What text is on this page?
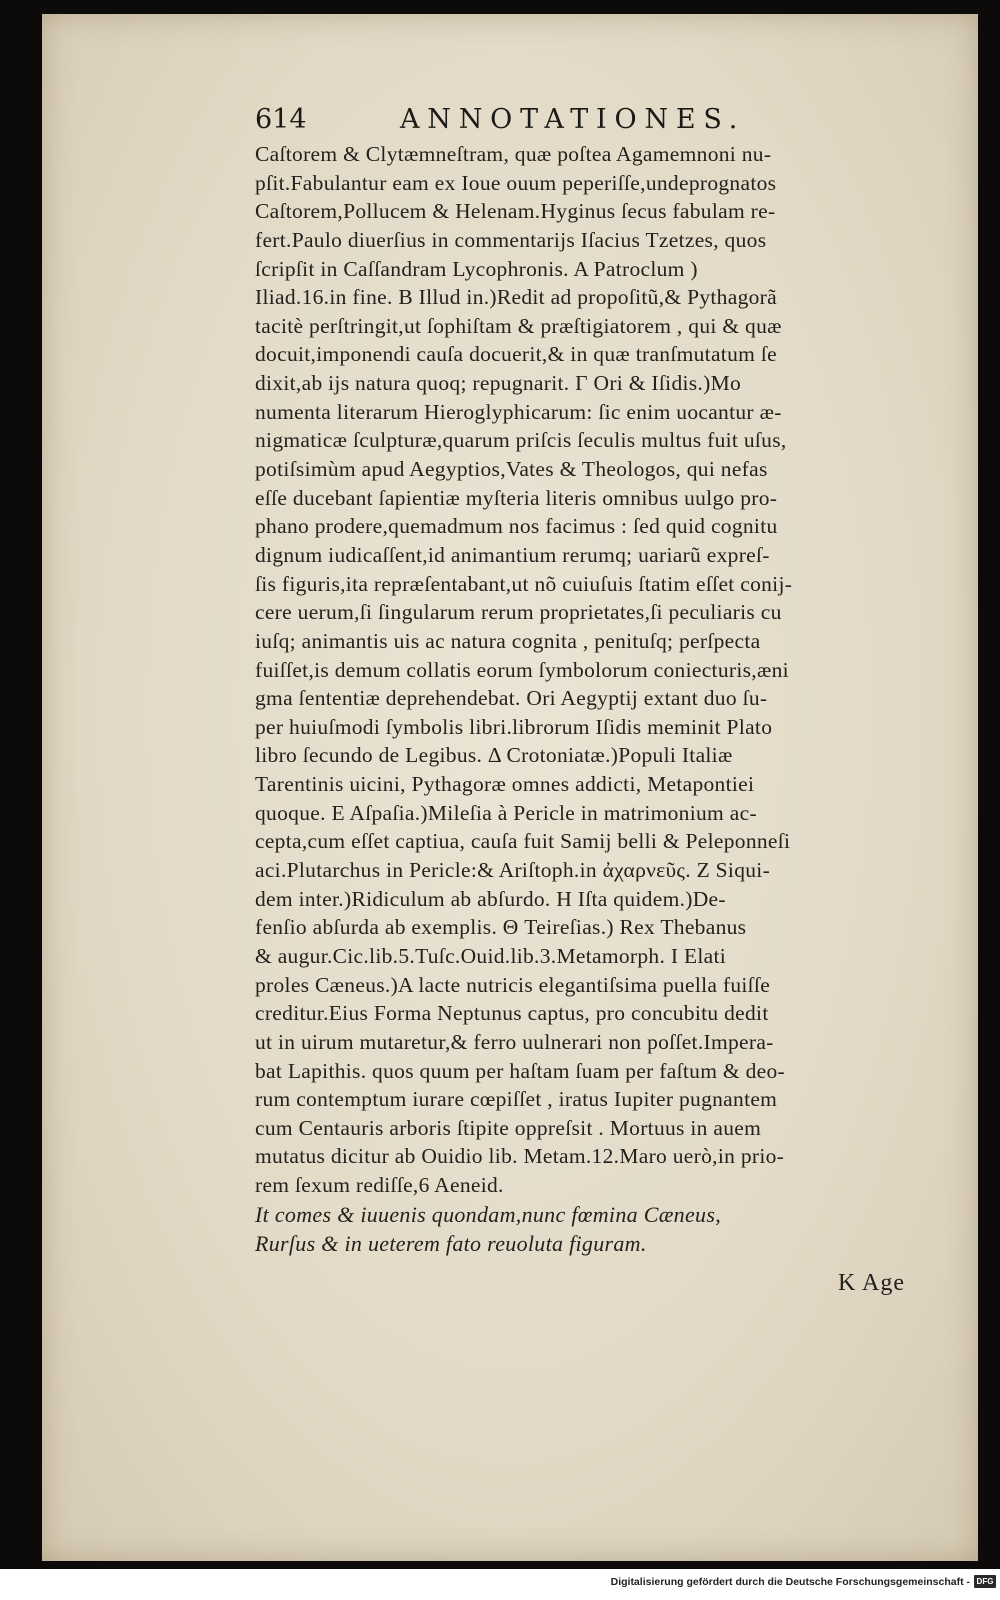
614	ANNOTATIONES.
Caſtorem & Clytæmneſtram, quæ poſtea Agamemnoni nu-
pſit.Fabulantur eam ex Ioue ouum peperiſſe,undeprognatos
Caſtorem,Pollucem & Helenam.Hyginus ſecus fabulam re-
fert.Paulo diuerſius in commentarijs Iſacius Tzetzes, quos
ſcripſit in Caſſandram Lycophronis. A Patroclum )
Iliad.16.in fine. B Illud in.)Redit ad propoſitũ,& Pythagorã
tacitè perſtringit,ut ſophiſtam & præſtigiatorem , qui & quæ
docuit,imponendi cauſa docuerit,& in quæ tranſmutatum ſe
dixit,ab ijs natura quoq; repugnarit. Γ Ori & Iſidis.)Mo
numenta literarum Hieroglyphicarum: ſic enim uocantur æ-
nigmaticæ ſculpturæ,quarum priſcis ſeculis multus fuit uſus,
potiſsimùm apud Aegyptios,Vates & Theologos, qui nefas
eſſe ducebant ſapientiæ myſteria literis omnibus uulgo pro-
phano prodere,quemadmum nos facimus : ſed quid cognitu
dignum iudicaſſent,id animantium rerumq; uariarũ expreſ-
ſis figuris,ita repræſentabant,ut nõ cuiuſuis ſtatim eſſet conij-
cere uerum,ſi ſingularum rerum proprietates,ſi peculiaris cu
iuſq; animantis uis ac natura cognita , penituſq; perſpecta
fuiſſet,is demum collatis eorum ſymbolorum coniecturis,æni
gma ſententiæ deprehendebat. Ori Aegyptij extant duo ſu-
per huiuſmodi ſymbolis libri.librorum Iſidis meminit Plato
libro ſecundo de Legibus. Δ Crotoniatæ.)Populi Italiæ
Tarentinis uicini, Pythagoræ omnes addicti, Metapontiei
quoque. E Aſpaſia.)Mileſia à Pericle in matrimonium ac-
cepta,cum eſſet captiua, cauſa fuit Samij belli & Peleponneſi
aci.Plutarchus in Pericle:& Ariſtoph.in ἀχαρνεῦς. Z Siqui-
dem inter.)Ridiculum ab abſurdo. H Iſta quidem.)De-
fenſio abſurda ab exemplis. Θ Teireſias.) Rex Thebanus
& augur.Cic.lib.5.Tuſc.Ouid.lib.3.Metamorph. I Elati
proles Cæneus.)A lacte nutricis elegantiſsima puella fuiſſe
creditur.Eius Forma Neptunus captus, pro concubitu dedit
ut in uirum mutaretur,& ferro uulnerari non poſſet.Impera-
bat Lapithis. quos quum per haſtam ſuam per faſtum & deo-
rum contemptum iurare cœpiſſet , iratus Iupiter pugnantem
cum Centauris arboris ſtipite oppreſsit . Mortuus in auem
mutatus dicitur ab Ouidio lib. Metam.12.Maro uerò,in prio-
rem ſexum rediſſe,6 Aeneid.
It comes & iuuenis quondam,nunc fœmina Cæneus,
Rurſus & in ueterem fato reuoluta figuram.
K Age
Digitalisierung gefördert durch die Deutsche Forschungsgemeinschaft - DFG
